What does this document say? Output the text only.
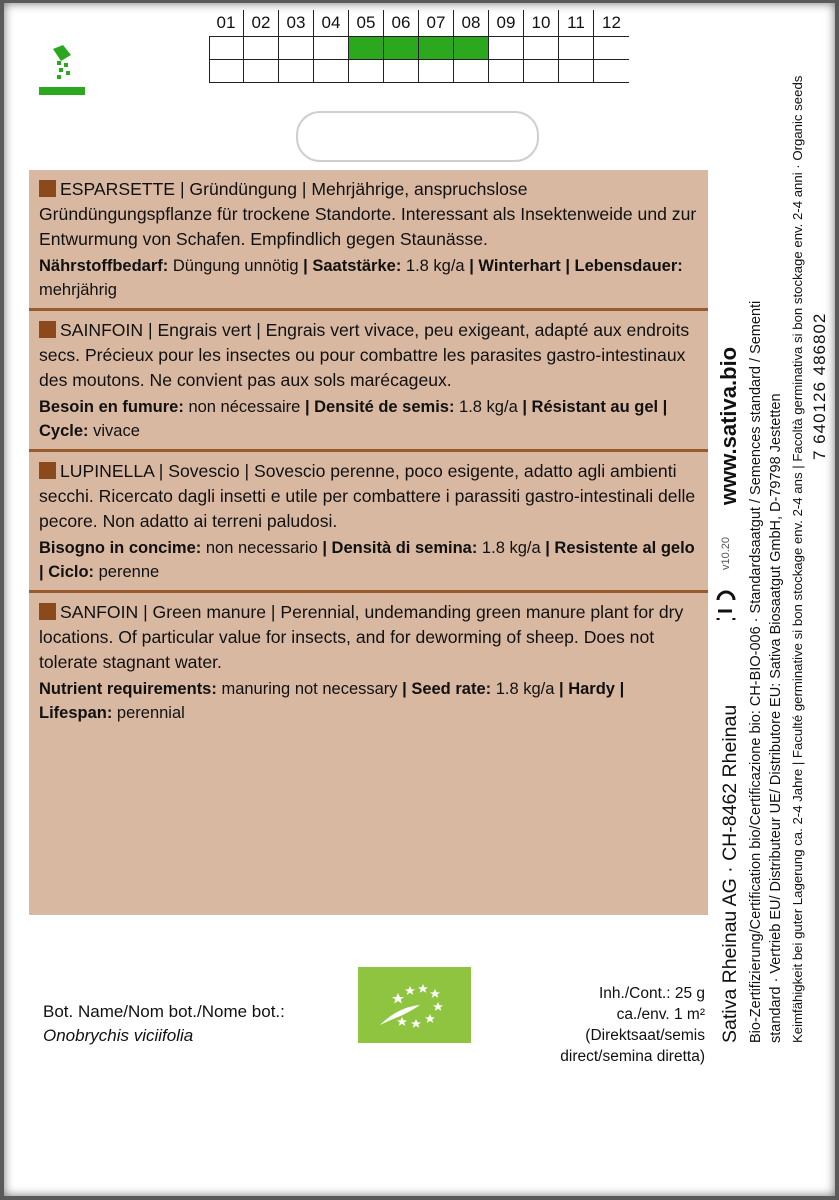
01 02 03 04 05 06 07 08 09 10 11	12
ESPARSETTE | Gründüngung | Mehrjährige, anspruchslose Gründüngungspflanze für trockene Standorte. Interessant als Insektenweide und zur Entwurmung von Schafen. Empfindlich gegen Staunässe.
Nährstoffbedarf: Düngung unnötig | Saatstärke: 1.8 kg/a | Winterhart | Lebensdauer: mehrjährig
SAINFOIN | Engrais vert | Engrais vert vivace, peu exigeant, adapté aux endroits secs. Précieux pour les insectes ou pour combattre les parasites gastro-intestinaux des moutons. Ne convient pas aux sols marécageux.
Besoin en fumure: non nécessaire | Densité de semis: 1.8 kg/a | Résistant au gel | Cycle: vivace
LUPINELLA | Sovescio | Sovescio perenne, poco esigente, adatto agli ambienti secchi. Ricercato dagli insetti e utile per combattere i parassiti gastro-intestinali delle pecore. Non adatto ai terreni paludosi.
Bisogno in concime: non necessario | Densità di semina: 1.8 kg/a | Resistente al gelo | Ciclo: perenne
SANFOIN | Green manure | Perennial, undemanding green manure plant for dry locations. Of particular value for insects, and for deworming of sheep. Does not tolerate stagnant water.
Nutrient requirements: manuring not necessary | Seed rate: 1.8 kg/a | Hardy | Lifespan: perennial
Bot. Name/Nom bot./Nome bot.:
Onobrychis viciifolia
Inh./Cont.: 25 g
ca./env. 1 m² (Direktsaat/semis
direct/semina diretta)
www.sativa.bio
v10.20
Sativa Rheinau AG · CH-8462 Rheinau Bio-Zertifizierung/Certification bio/Certificazione bio: CH-BIO-006 · Standardsaatgut / Semences standard / Sementi standard · Vertrieb EU/ Distributeur UE/ Distributore EU: Sativa Biosaatgut GmbH, D-79798 Jestetten Keimfähigkeit bei guter Lagerung ca. 2-4 Jahre | Faculté germinative si bon stockage env. 2-4 ans | Facoltà germinativa si bon stockage env. 2-4 anni · Organic seeds 7 640126 486802
